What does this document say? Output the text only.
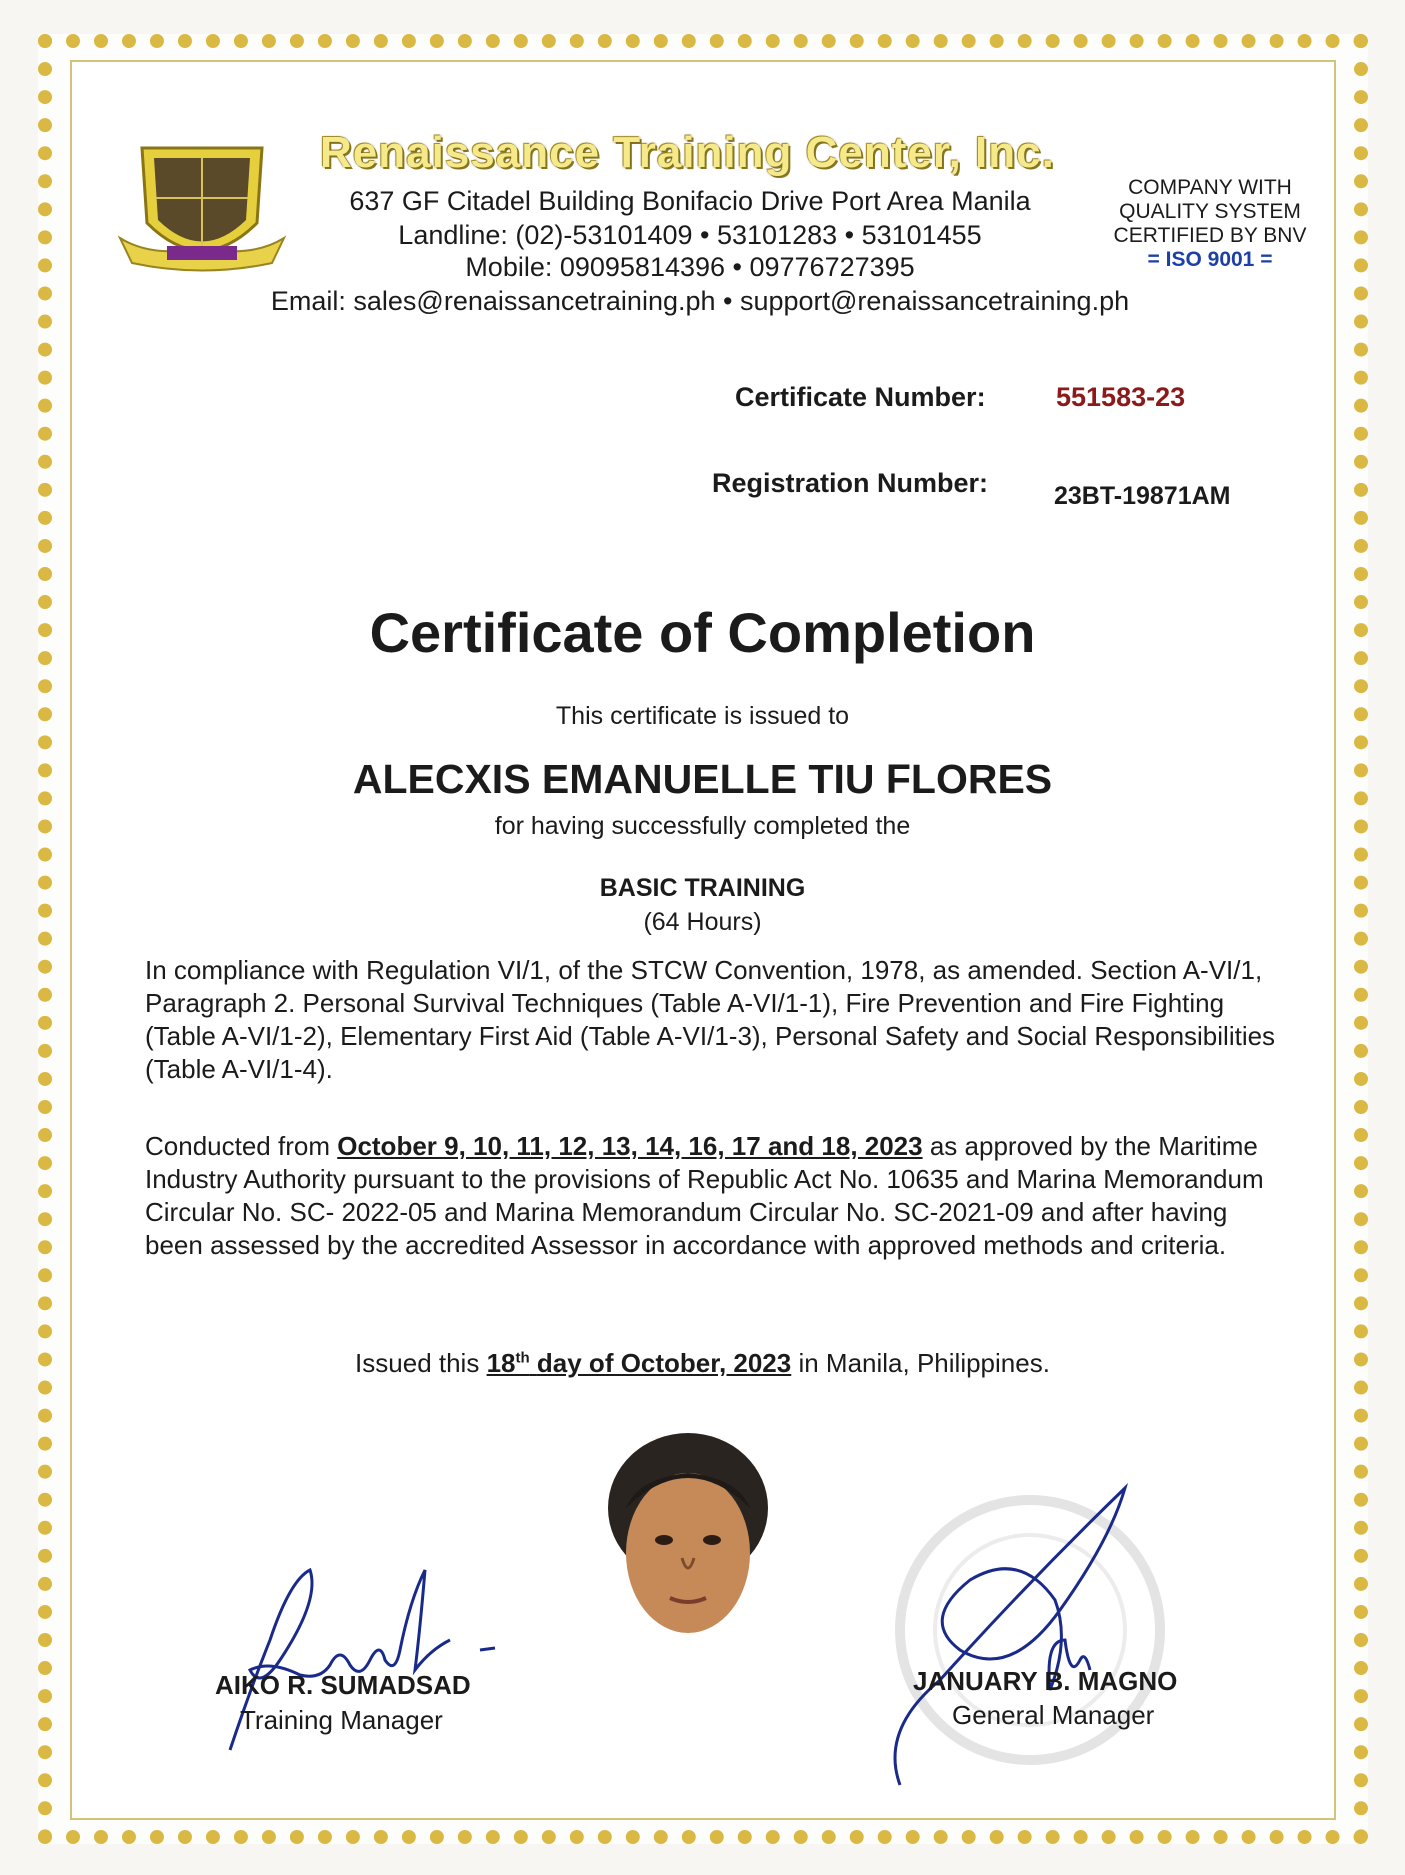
Renaissance Training Center, Inc.
637 GF Citadel Building Bonifacio Drive Port Area Manila
Landline: (02)-53101409 • 53101283 • 53101455
Mobile: 09095814396 • 09776727395
Email: sales@renaissancetraining.ph • support@renaissancetraining.ph
COMPANY WITH
QUALITY SYSTEM
CERTIFIED BY BNV
= ISO 9001 =
Certificate Number:	551583-23
Registration Number:	23BT-19871AM
Certificate of Completion
This certificate is issued to
ALECXIS EMANUELLE TIU FLORES
for having successfully completed the
BASIC TRAINING
(64 Hours)
In compliance with Regulation VI/1, of the STCW Convention, 1978, as amended. Section A-VI/1, Paragraph 2. Personal Survival Techniques (Table A-VI/1-1), Fire Prevention and Fire Fighting (Table A-VI/1-2), Elementary First Aid (Table A-VI/1-3), Personal Safety and Social Responsibilities (Table A-VI/1-4).
Conducted from October 9, 10, 11, 12, 13, 14, 16, 17 and 18, 2023 as approved by the Maritime Industry Authority pursuant to the provisions of Republic Act No. 10635 and Marina Memorandum Circular No. SC- 2022-05 and Marina Memorandum Circular No. SC-2021-09 and after having been assessed by the accredited Assessor in accordance with approved methods and criteria.
Issued this 18th day of October, 2023 in Manila, Philippines.
AIKO R. SUMADSAD
Training Manager
JANUARY B. MAGNO
General Manager
